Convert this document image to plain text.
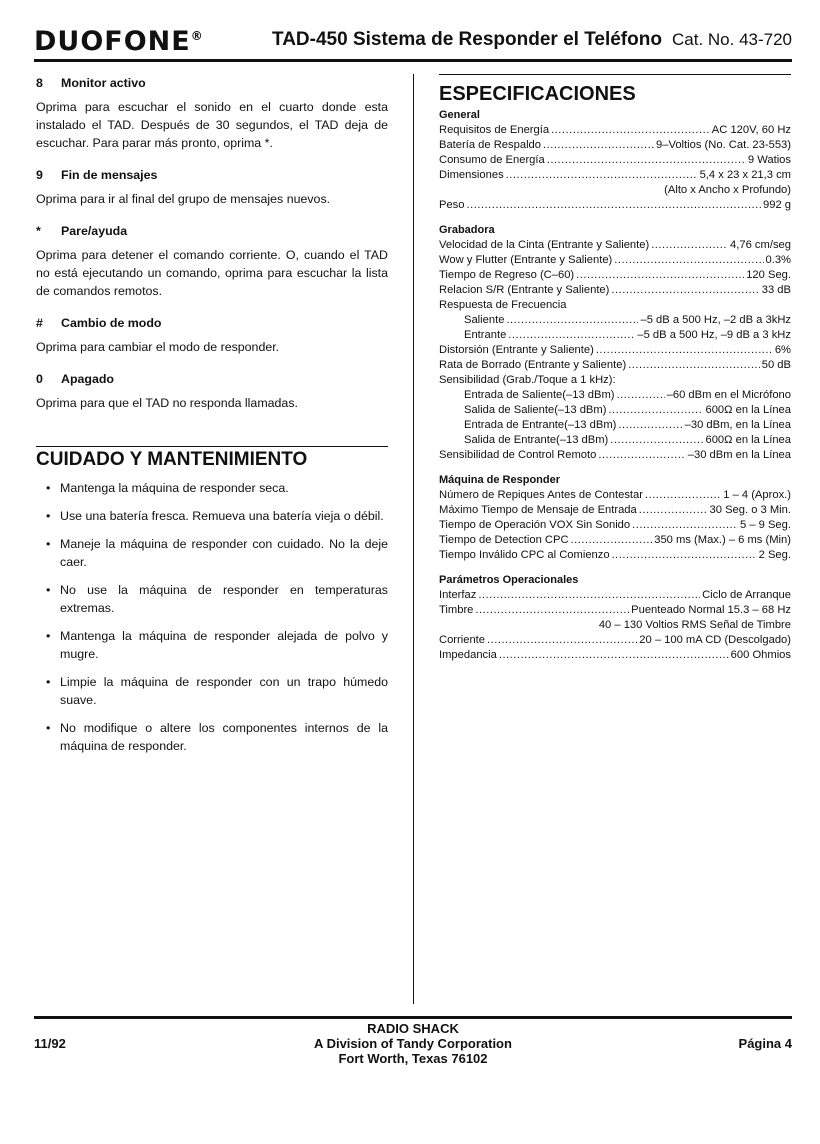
DUOFONE®	TAD-450 Sistema de Responder el Teléfono Cat. No. 43-720

8 Monitor activo

Oprima para escuchar el sonido en el cuarto donde esta instalado el TAD. Después de 30 segundos, el TAD deja de escuchar. Para parar más pronto, oprima *.

9 Fin de mensajes

Oprima para ir al final del grupo de mensajes nuevos.

* Pare/ayuda

Oprima para detener el comando corriente. O, cuando el TAD no está ejecutando un comando, oprima para escuchar la lista de comandos remotos.

# Cambio de modo

Oprima para cambiar el modo de responder.

0 Apagado

Oprima para que el TAD no responda llamadas.

CUIDADO Y MANTENIMIENTO
• Mantenga la máquina de responder seca.
• Use una batería fresca. Remueva una batería vieja o débil.
• Maneje la máquina de responder con cuidado. No la deje caer.
• No use la máquina de responder en temperaturas extremas.
• Mantenga la máquina de responder alejada de polvo y mugre.
• Limpie la máquina de responder con un trapo húmedo suave.
• No modifique o altere los componentes internos de la máquina de responder.
ESPECIFICACIONES
General
Requisitos de Energía .....	AC 120V, 60 Hz
Batería de Respaldo .....	9–Voltios (No. Cat. 23-553)
Consumo de Energía .....	9 Watios
Dimensiones .....	5,4 x 23 x 21,3 cm
(Alto x Ancho x Profundo)
Peso .....	992 g
Grabadora
Velocidad de la Cinta (Entrante y Saliente) .....	4,76 cm/seg
Wow y Flutter (Entrante y Saliente) .....	0.3%
Tiempo de Regreso (C–60) .....	120 Seg.
Relacion S/R (Entrante y Saliente) .....	33 dB
Respuesta de Frecuencia
Saliente .....	–5 dB a 500 Hz, –2 dB a 3kHz
Entrante .....	–5 dB a 500 Hz, –9 dB a 3 kHz
Distorsión (Entrante y Saliente) .....	6%
Rata de Borrado (Entrante y Saliente) .....	50 dB
Sensibilidad (Grab./Toque a 1 kHz):
Entrada de Saliente(–13 dBm) .....	–60 dBm en el Micrófono
Salida de Saliente(–13 dBm) .....	600Ω en la Línea
Entrada de Entrante(–13 dBm) .....	–30 dBm, en la Línea
Salida de Entrante(–13 dBm) .....	600Ω en la Línea
Sensibilidad de Control Remoto .....	–30 dBm en la Línea
Máquina de Responder
Número de Repiques Antes de Contestar .....	1 – 4 (Aprox.)
Máximo Tiempo de Mensaje de Entrada .....	30 Seg. o 3 Min.
Tiempo de Operación VOX Sin Sonido .....	5 – 9 Seg.
Tiempo de Detection CPC .....	350 ms (Max.) – 6 ms (Min)
Tiempo Inválido CPC al Comienzo .....	2 Seg.
Parámetros Operacionales
Interfaz .....	Ciclo de Arranque
Timbre .....	Puenteado Normal 15.3 – 68 Hz
40 – 130 Voltios RMS Señal de Timbre
Corriente .....	20 – 100 mA CD (Descolgado)
Impedancia .....	600 Ohmios
11/92
RADIO SHACK
A Division of Tandy Corporation
Fort Worth, Texas 76102
Página 4
